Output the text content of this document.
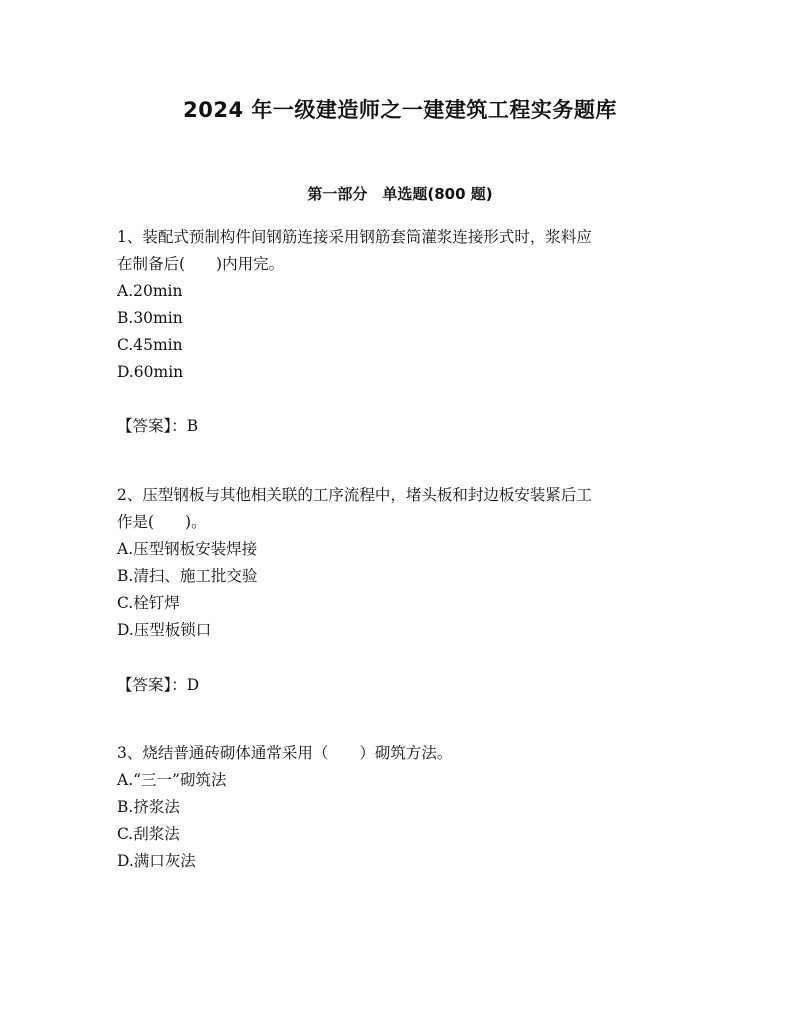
2024 年一级建造师之一建建筑工程实务题库
第一部分　单选题(800 题)

1、装配式预制构件间钢筋连接采用钢筋套筒灌浆连接形式时，浆料应

在制备后(　　)内用完。

A.20min

B.30min

C.45min

D.60min

【答案】：B

2、压型钢板与其他相关联的工序流程中，堵头板和封边板安装紧后工

作是(　　)。

A.压型钢板安装焊接

B.清扫、施工批交验

C.栓钉焊

D.压型板锁口

【答案】：D

3、烧结普通砖砌体通常采用（　　）砌筑方法。

A.“三一”砌筑法

B.挤浆法

C.刮浆法

D.满口灰法
